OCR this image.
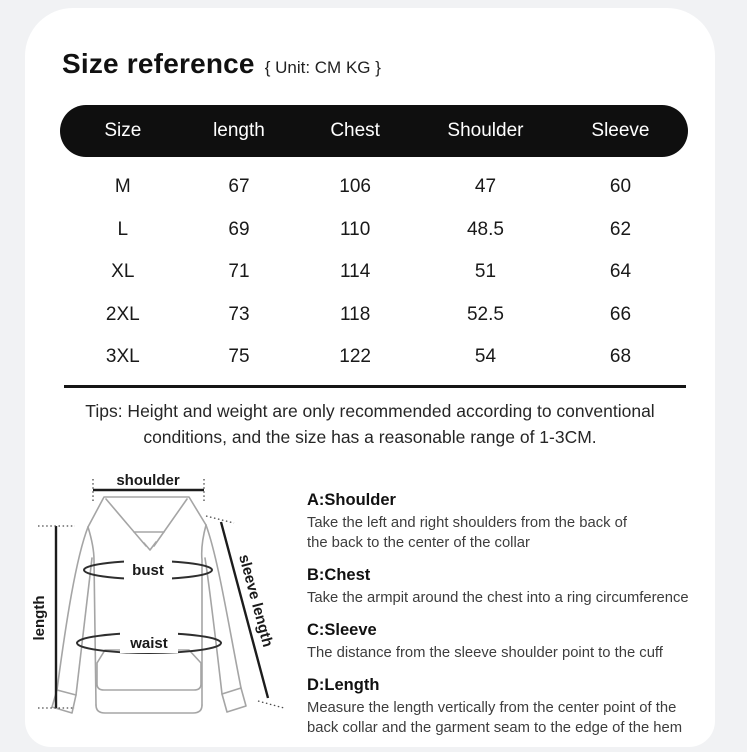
Size reference { Unit: CM KG }
Size	length	Chest	Shoulder	Sleeve
M	67	106	47	60
L	69	110	48.5	62
XL	71	114	51	64
2XL	73	118	52.5	66
3XL	75	122	54	68
Tips: Height and weight are only recommended according to conventional
conditions, and the size has a reasonable range of 1-3CM.
shoulder
length
bust
waist	sleeve length
A:Shoulder
Take the left and right shoulders from the back of
the back to the center of the collar
B:Chest
Take the armpit around the chest into a ring circumference
C:Sleeve
The distance from the sleeve shoulder point to the cuff
D:Length
Measure the length vertically from the center point of the
back collar and the garment seam to the edge of the hem
